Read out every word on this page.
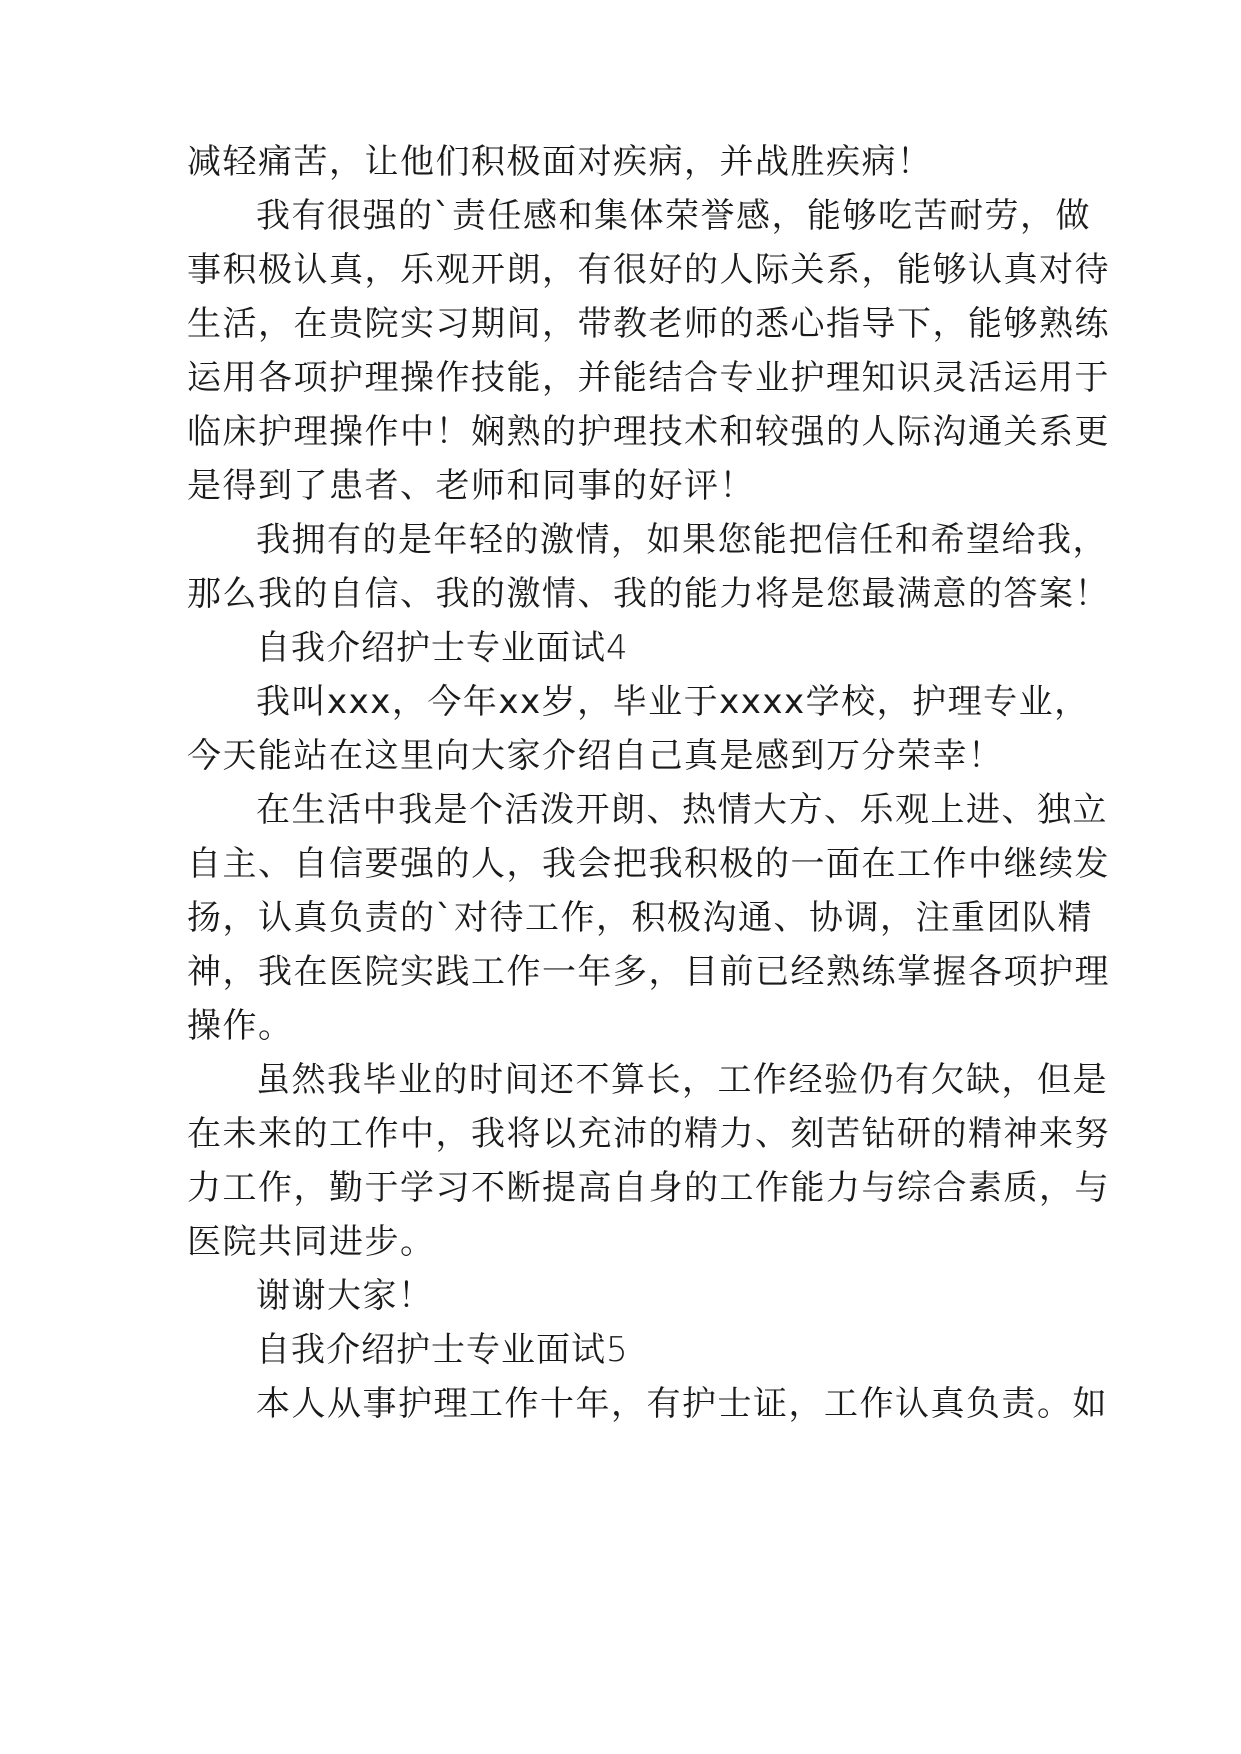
减轻痛苦，让他们积极面对疾病，并战胜疾病！
我有很强的`责任感和集体荣誉感，能够吃苦耐劳，做
事积极认真，乐观开朗，有很好的人际关系，能够认真对待
生活，在贵院实习期间，带教老师的悉心指导下，能够熟练
运用各项护理操作技能，并能结合专业护理知识灵活运用于
临床护理操作中！娴熟的护理技术和较强的人际沟通关系更
是得到了患者、老师和同事的好评！
我拥有的是年轻的激情，如果您能把信任和希望给我，
那么我的自信、我的激情、我的能力将是您最满意的答案！
自我介绍护士专业面试4
我叫xxx，今年xx岁，毕业于xxxx学校，护理专业，
今天能站在这里向大家介绍自己真是感到万分荣幸！
在生活中我是个活泼开朗、热情大方、乐观上进、独立
自主、自信要强的人，我会把我积极的一面在工作中继续发
扬，认真负责的`对待工作，积极沟通、协调，注重团队精
神，我在医院实践工作一年多，目前已经熟练掌握各项护理
操作。
虽然我毕业的时间还不算长，工作经验仍有欠缺，但是
在未来的工作中，我将以充沛的精力、刻苦钻研的精神来努
力工作，勤于学习不断提高自身的工作能力与综合素质，与
医院共同进步。
谢谢大家！
自我介绍护士专业面试5
本人从事护理工作十年，有护士证，工作认真负责。如
